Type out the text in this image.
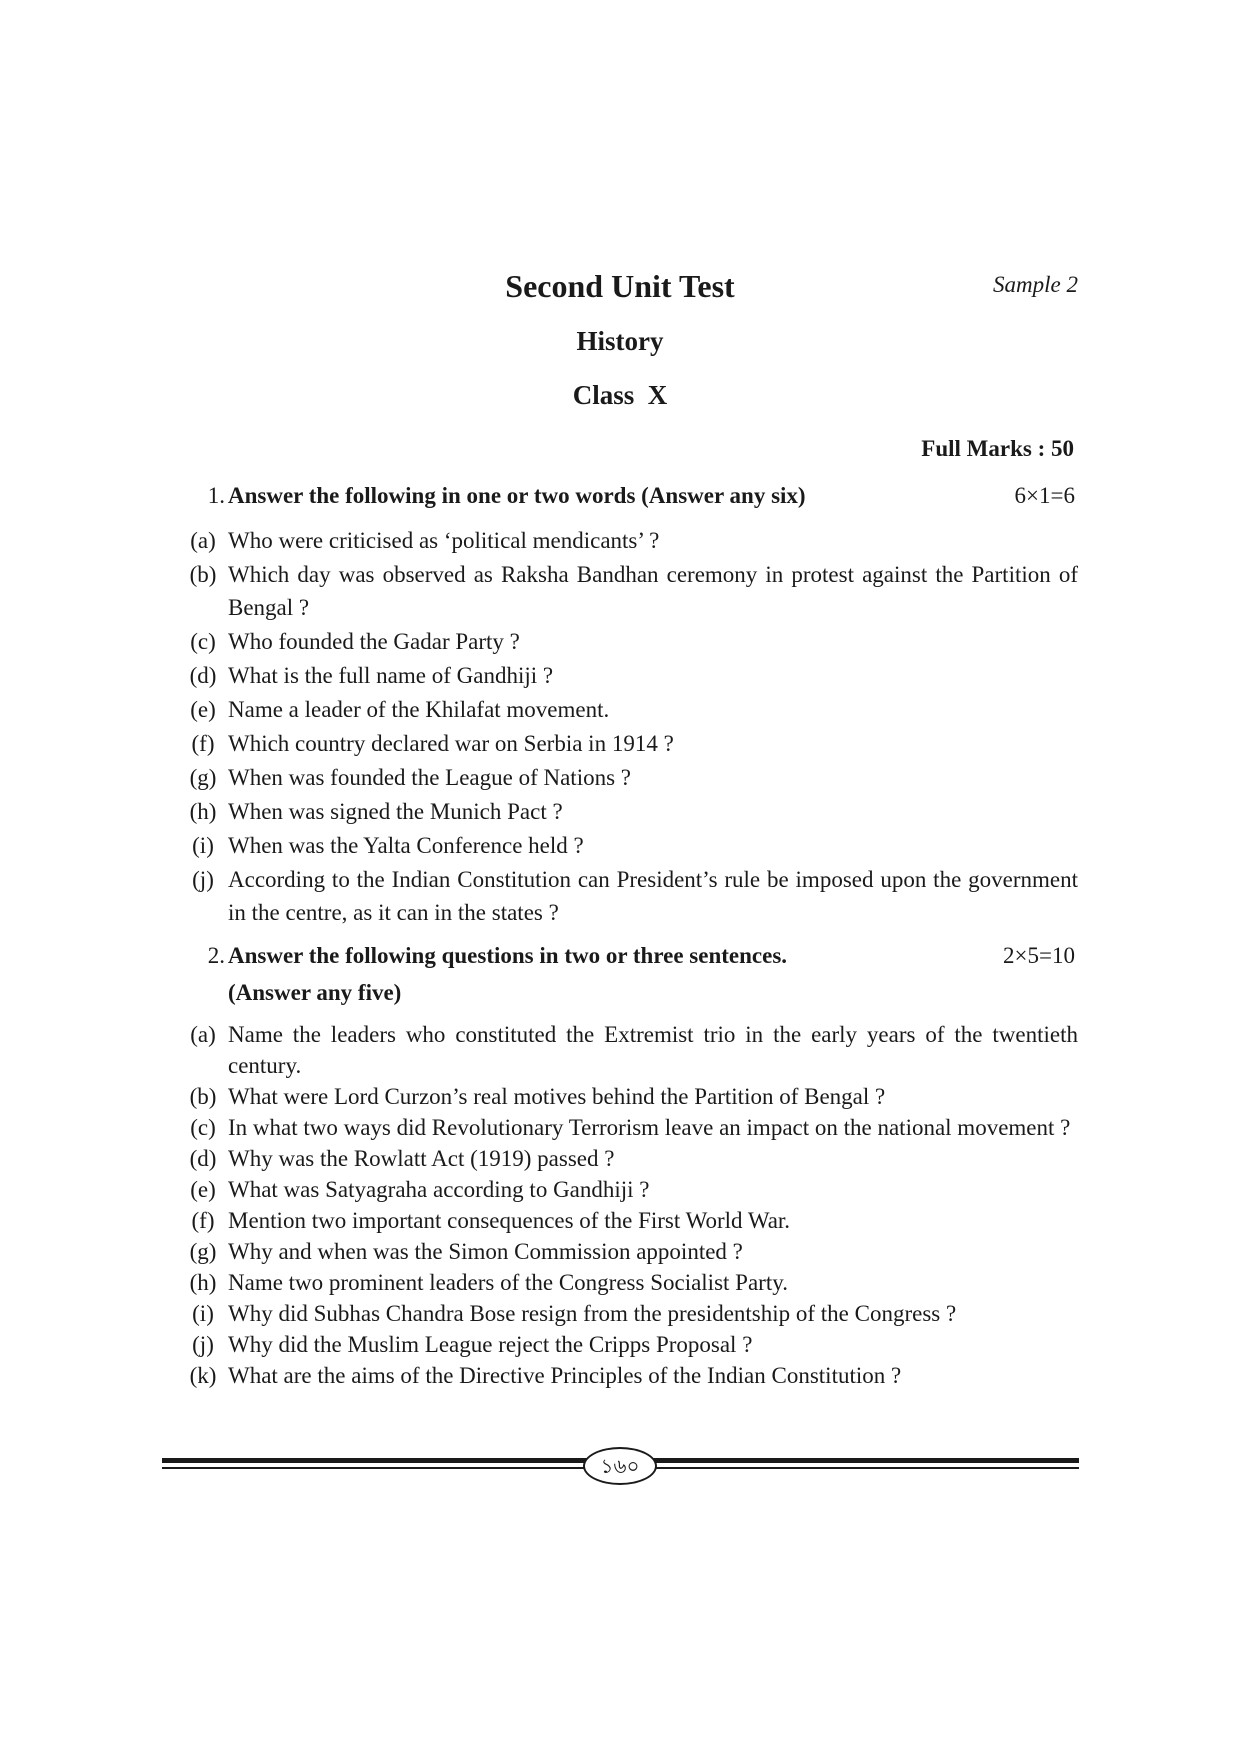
Second Unit Test	Sample 2
History
Class  X
Full Marks : 50
1. Answer the following in one or two words (Answer any six)	6×1=6
(a) Who were criticised as ‘political mendicants’ ?
(b) Which day was observed as Raksha Bandhan ceremony in protest against the Partition of Bengal ?
(c) Who founded the Gadar Party ?
(d) What is the full name of Gandhiji ?
(e) Name a leader of the Khilafat movement.
(f) Which country declared war on Serbia in 1914 ?
(g) When was founded the League of Nations ?
(h) When was signed the Munich Pact ?
(i) When was the Yalta Conference held ?
(j) According to the Indian Constitution can President’s rule be imposed upon the government in the centre, as it can in the states ?
2. Answer the following questions in two or three sentences.	2×5=10
(Answer any five)
(a) Name the leaders who constituted the Extremist trio in the early years of the twentieth century.
(b) What were Lord Curzon’s real motives behind the Partition of Bengal ?
(c) In what two ways did Revolutionary Terrorism leave an impact on the national movement ?
(d) Why was the Rowlatt Act (1919) passed ?
(e) What was Satyagraha according to Gandhiji ?
(f) Mention two important consequences of the First World War.
(g) Why and when was the Simon Commission appointed ?
(h) Name two prominent leaders of the Congress Socialist Party.
(i) Why did Subhas Chandra Bose resign from the presidentship of the Congress ?
(j) Why did the Muslim League reject the Cripps Proposal ?
(k) What are the aims of the Directive Principles of the Indian Constitution ?
১৬০
